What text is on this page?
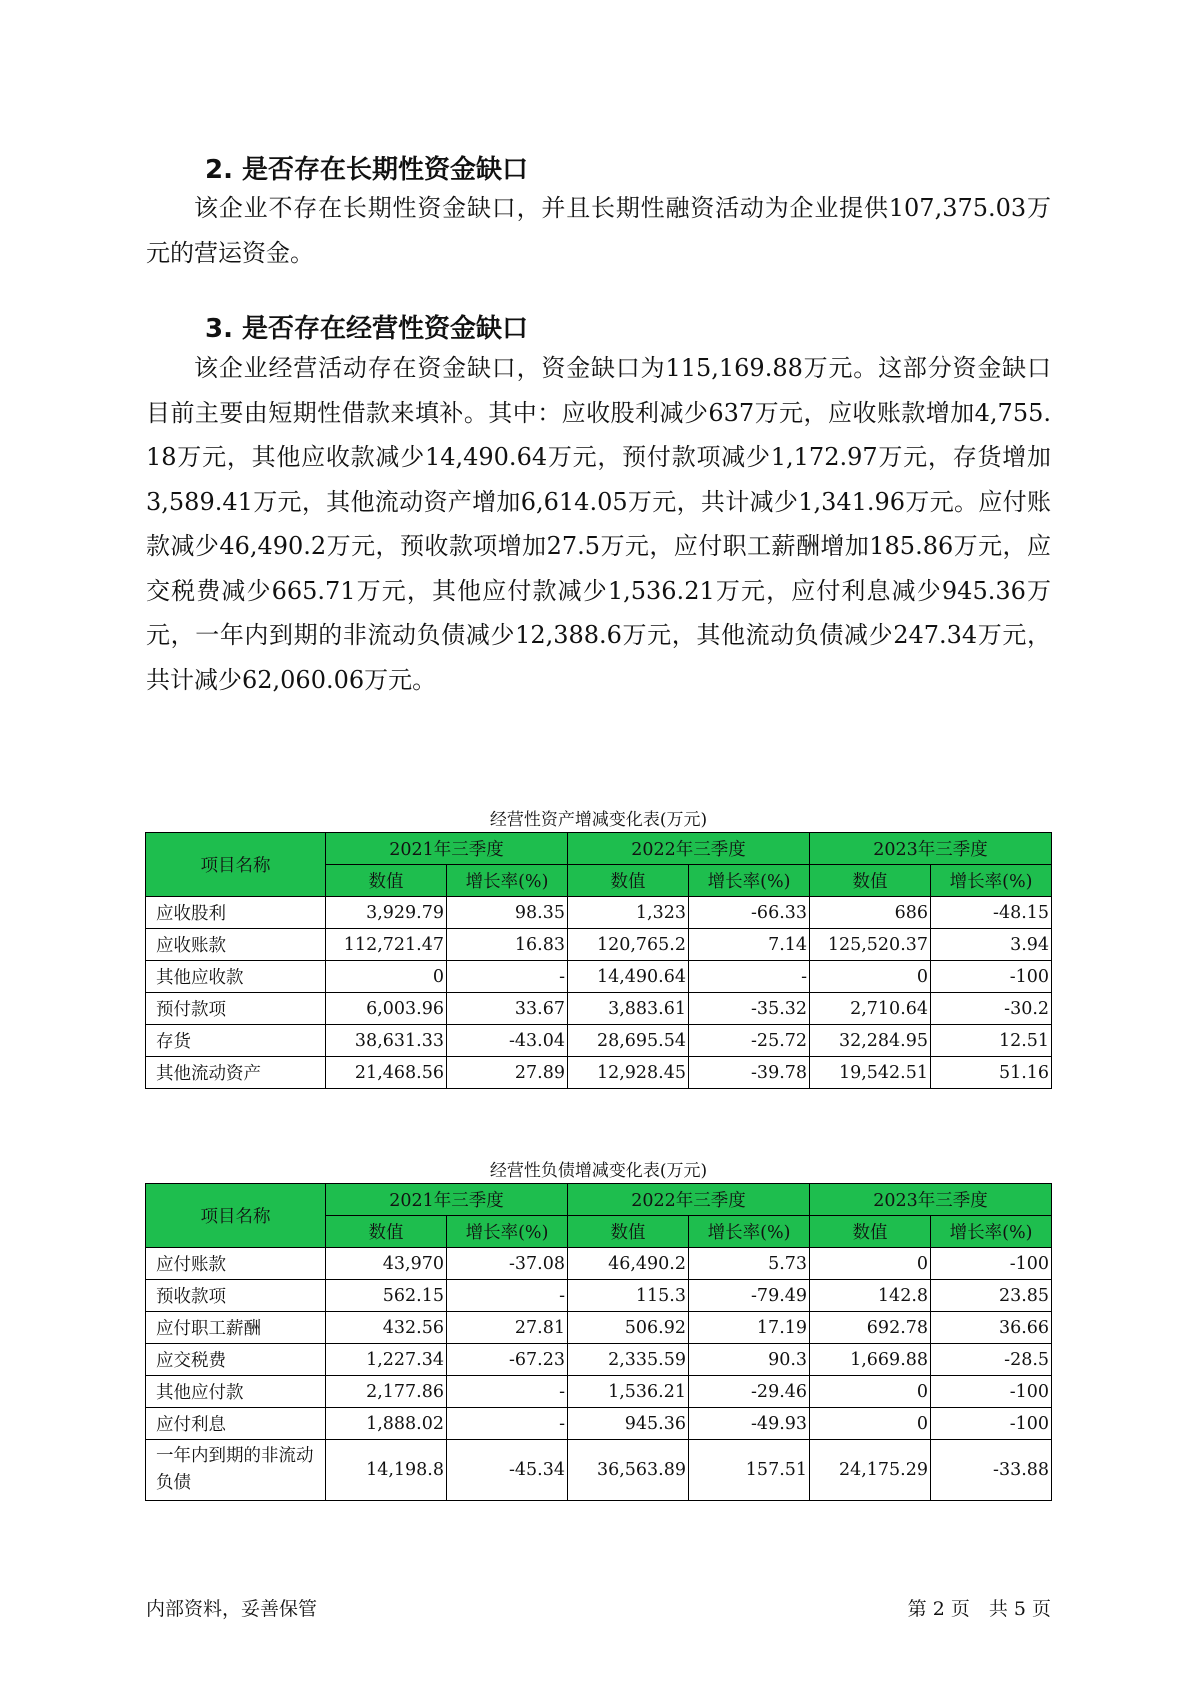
2. 是否存在长期性资金缺口

该企业不存在长期性资金缺口，并且长期性融资活动为企业提供107,375.03万元的营运资金。

3. 是否存在经营性资金缺口

该企业经营活动存在资金缺口，资金缺口为115,169.88万元。这部分资金缺口目前主要由短期性借款来填补。其中：应收股利减少637万元，应收账款增加4,755.18万元，其他应收款减少14,490.64万元，预付款项减少1,172.97万元，存货增加3,589.41万元，其他流动资产增加6,614.05万元，共计减少1,341.96万元。应付账款减少46,490.2万元，预收款项增加27.5万元，应付职工薪酬增加185.86万元，应交税费减少665.71万元，其他应付款减少1,536.21万元，应付利息减少945.36万元，一年内到期的非流动负债减少12,388.6万元，其他流动负债减少247.34万元，共计减少62,060.06万元。

经营性资产增减变化表(万元)
项目名称	2021年三季度		2022年三季度		2023年三季度	
	数值	增长率(%)	数值	增长率(%)	数值	增长率(%)
应收股利	3,929.79	98.35	1,323	-66.33	686	-48.15
应收账款	112,721.47	16.83	120,765.2	7.14	125,520.37	3.94
其他应收款	0	-	14,490.64	-	0	-100
预付款项	6,003.96	33.67	3,883.61	-35.32	2,710.64	-30.2
存货	38,631.33	-43.04	28,695.54	-25.72	32,284.95	12.51
其他流动资产	21,468.56	27.89	12,928.45	-39.78	19,542.51	51.16
经营性负债增减变化表(万元)
项目名称	2021年三季度		2022年三季度		2023年三季度	
	数值	增长率(%)	数值	增长率(%)	数值	增长率(%)
应付账款	43,970	-37.08	46,490.2	5.73	0	-100
预收款项	562.15	-	115.3	-79.49	142.8	23.85
应付职工薪酬	432.56	27.81	506.92	17.19	692.78	36.66
应交税费	1,227.34	-67.23	2,335.59	90.3	1,669.88	-28.5
其他应付款	2,177.86	-	1,536.21	-29.46	0	-100
应付利息	1,888.02	-	945.36	-49.93	0	-100
一年内到期的非流动负债	14,198.8	-45.34	36,563.89	157.51	24,175.29	-33.88
内部资料，妥善保管	第 2 页　共 5 页
